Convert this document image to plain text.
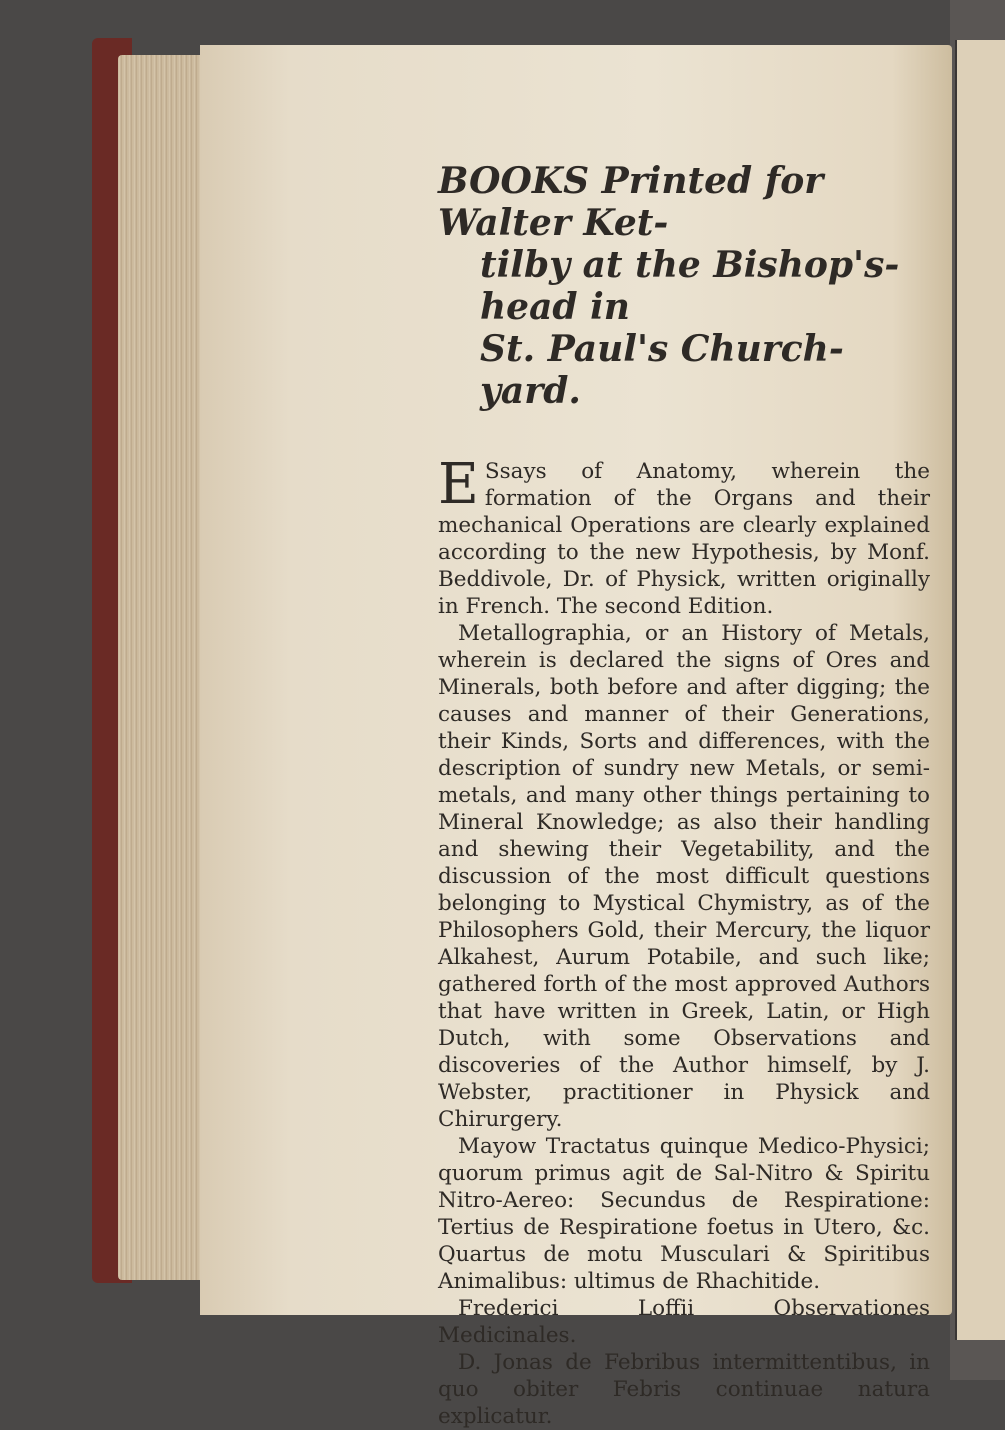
BOOKS Printed for Walter Ket-
tilby at the Bishop's-head in
St. Paul's Church-yard.

E Ssays of Anatomy, wherein the formation of the Organs and their mechanical Operations are clearly explained according to the new Hypothesis, by Monf. Beddivole, Dr. of Physick, written originally in French. The second Edition.

Metallographia, or an History of Metals, wherein is declared the signs of Ores and Minerals, both before and after digging; the causes and manner of their Generations, their Kinds, Sorts and differences, with the description of sundry new Metals, or semi-metals, and many other things pertaining to Mineral Knowledge; as also their handling and shewing their Vegetability, and the discussion of the most difficult questions belonging to Mystical Chymistry, as of the Philosophers Gold, their Mercury, the liquor Alkahest, Aurum Potabile, and such like; gathered forth of the most approved Authors that have written in Greek, Latin, or High Dutch, with some Observations and discoveries of the Author himself, by J. Webster, practitioner in Physick and Chirurgery.

Mayow Tractatus quinque Medico-Physici; quorum primus agit de Sal-Nitro & Spiritu Nitro-Aereo: Secundus de Respiratione: Tertius de Respiratione foetus in Utero, &c. Quartus de motu Musculari & Spiritibus Animalibus: ultimus de Rhachitide.

Frederici Loffii Observationes Medicinales.

D. Jonas de Febribus intermittentibus, in quo obiter Febris continuae natura explicatur.
